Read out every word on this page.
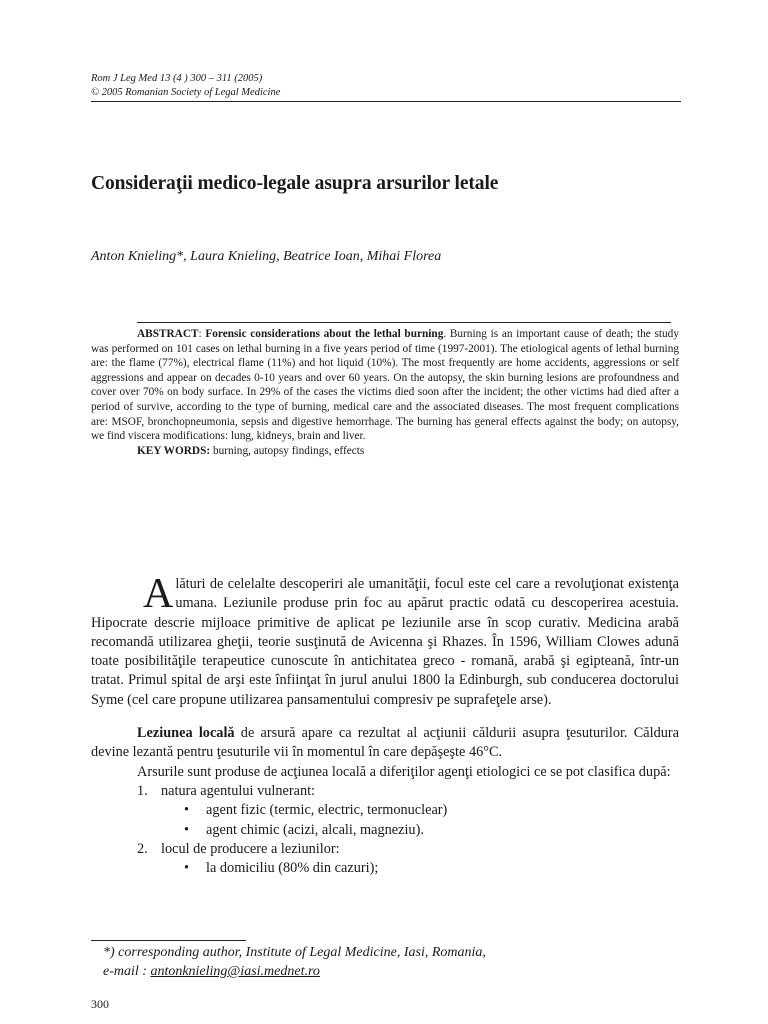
Rom J Leg Med 13 (4 ) 300 – 311 (2005)
© 2005 Romanian Society of Legal Medicine
Consideraţii medico-legale asupra arsurilor letale
Anton Knieling*, Laura Knieling, Beatrice Ioan, Mihai Florea

ABSTRACT: Forensic considerations about the lethal burning. Burning is an important cause of death; the study was performed on 101 cases on lethal burning in a five years period of time (1997-2001). The etiological agents of lethal burning are: the flame (77%), electrical flame (11%) and hot liquid (10%). The most frequently are home accidents, aggressions or self aggressions and appear on decades 0-10 years and over 60 years. On the autopsy, the skin burning lesions are profoundness and cover over 70% on body surface. In 29% of the cases the victims died soon after the incident; the other victims had died after a period of survive, according to the type of burning, medical care and the associated diseases. The most frequent complications are: MSOF, bronchopneumonia, sepsis and digestive hemorrhage. The burning has general effects against the body; on autopsy, we find viscera modifications: lung, kidneys, brain and liver.

KEY WORDS: burning, autopsy findings, effects

Alături de celelalte descoperiri ale umanităţii, focul este cel care a revoluţionat existenţa umana. Leziunile produse prin foc au apărut practic odată cu descoperirea acestuia. Hipocrate descrie mijloace primitive de aplicat pe leziunile arse în scop curativ. Medicina arabă recomandă utilizarea gheţii, teorie susţinută de Avicenna şi Rhazes. În 1596, William Clowes adună toate posibilităţile terapeutice cunoscute în antichitatea greco - romană, arabă şi egipteană, într-un tratat. Primul spital de arşi este înfiinţat în jurul anului 1800 la Edinburgh, sub conducerea doctorului Syme (cel care propune utilizarea pansamentului compresiv pe suprafeţele arse).

Leziunea locală de arsură apare ca rezultat al acţiunii căldurii asupra ţesuturilor. Căldura devine lezantă pentru ţesuturile vii în momentul în care depăşeşte 46°C.

Arsurile sunt produse de acţiunea locală a diferiţilor agenţi etiologici ce se pot clasifica după:

1. natura agentului vulnerant:
• agent fizic (termic, electric, termonuclear)
• agent chimic (acizi, alcali, magneziu).
2. locul de producere a leziunilor:
• la domiciliu (80% din cazuri);
*) corresponding author, Institute of Legal Medicine, Iasi, Romania,
e-mail : antonknieling@iasi.mednet.ro
300
